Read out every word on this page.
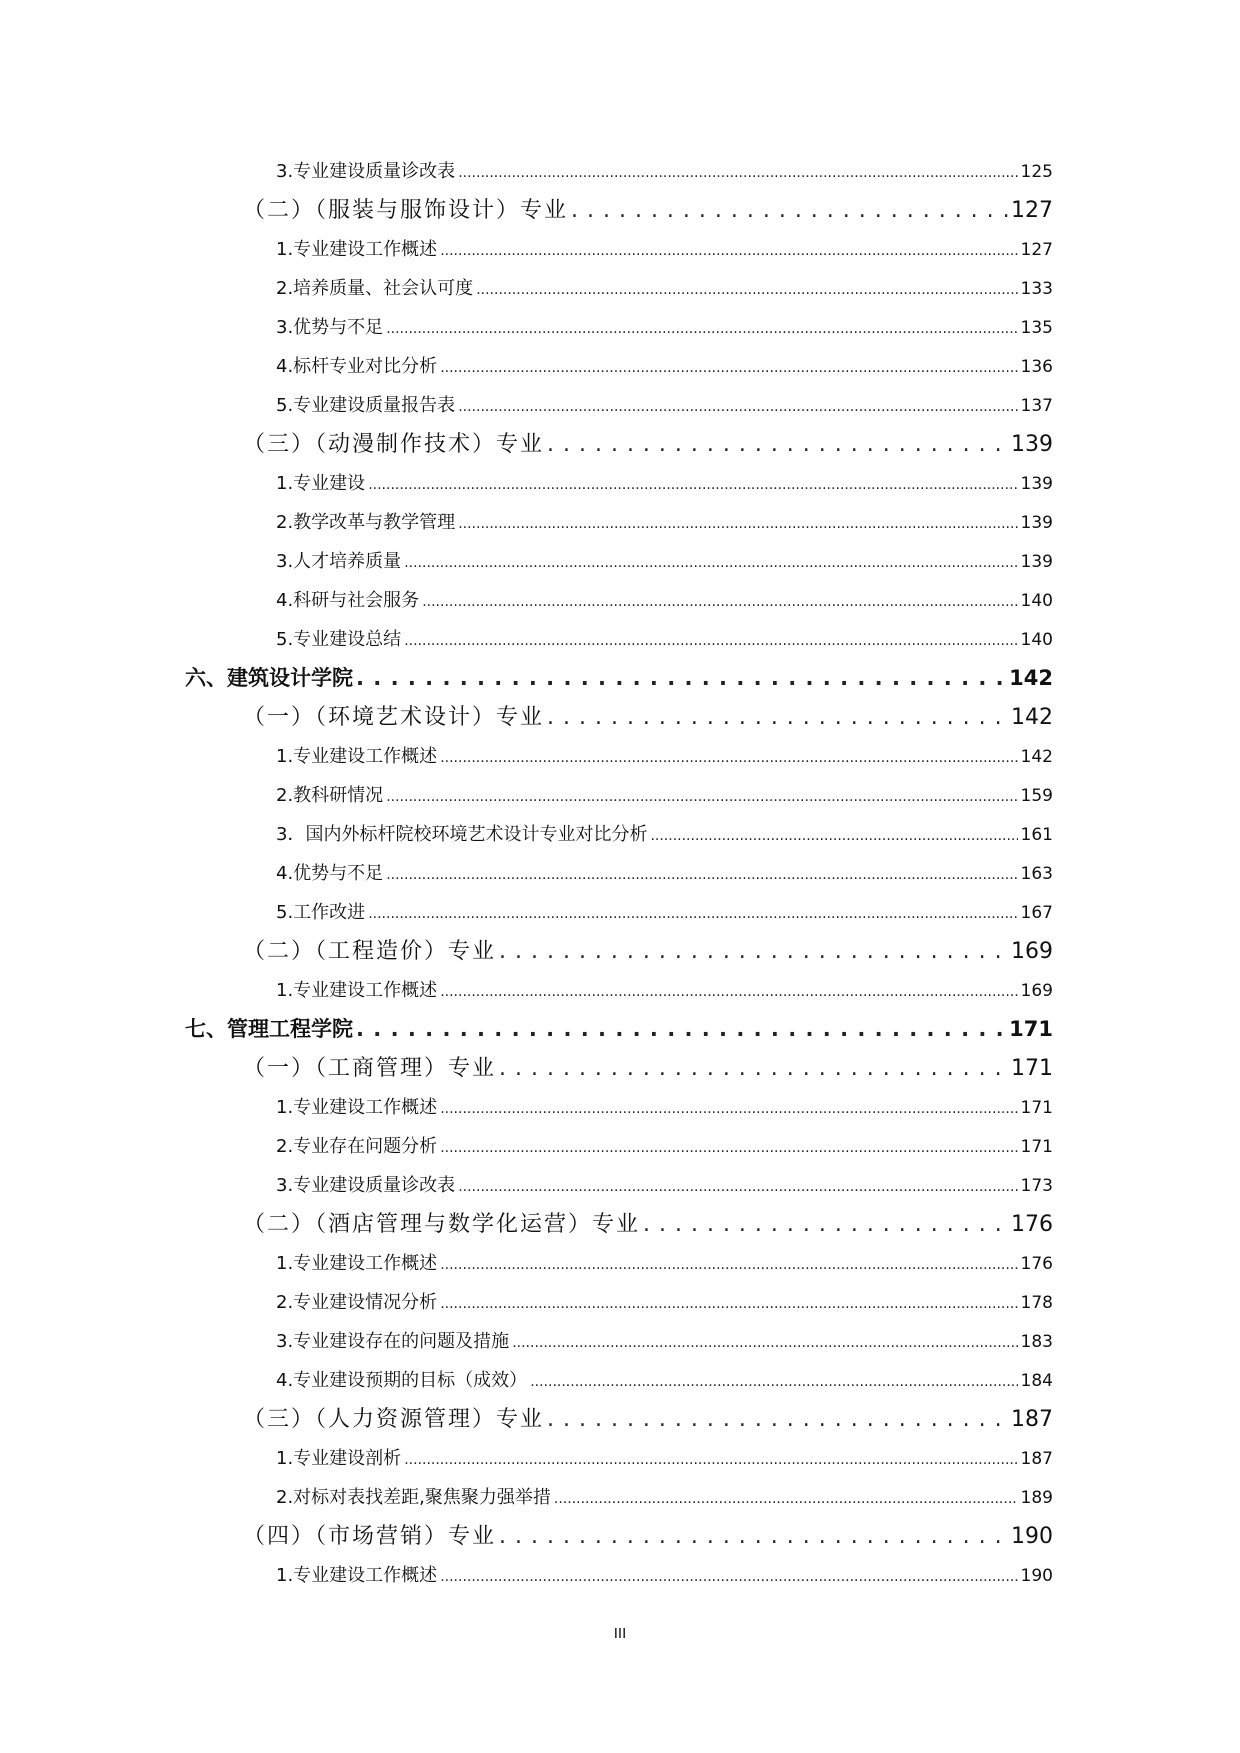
3.专业建设质量诊改表 .....	125
（二）（服装与服饰设计）专业 . . .	127
1.专业建设工作概述 .....	127
2.培养质量、社会认可度 .....	133
3.优势与不足 .....	135
4.标杆专业对比分析 .....	136
5.专业建设质量报告表 .....	137
（三）（动漫制作技术）专业 . . .	139
1.专业建设 .....	139
2.教学改革与教学管理 .....	139
3.人才培养质量 .....	139
4.科研与社会服务 .....	140
5.专业建设总结 .....	140
六、建筑设计学院 . . .	142
（一）（环境艺术设计）专业 . . .	142
1.专业建设工作概述 .....	142
2.教科研情况 .....	159
3．国内外标杆院校环境艺术设计专业对比分析 .....	161
4.优势与不足 .....	163
5.工作改进 .....	167
（二）（工程造价）专业 . . .	169
1.专业建设工作概述 .....	169
七、管理工程学院 . . .	171
（一）（工商管理）专业 . . .	171
1.专业建设工作概述 .....	171
2.专业存在问题分析 .....	171
3.专业建设质量诊改表 .....	173
（二）（酒店管理与数学化运营）专业 . . .	176
1.专业建设工作概述 .....	176
2.专业建设情况分析 .....	178
3.专业建设存在的问题及措施 .....	183
4.专业建设预期的目标（成效） .....	184
（三）（人力资源管理）专业 . . .	187
1.专业建设剖析 .....	187
2.对标对表找差距,聚焦聚力强举措 .....	189
（四）（市场营销）专业 . . .	190
1.专业建设工作概述 .....	190
III
